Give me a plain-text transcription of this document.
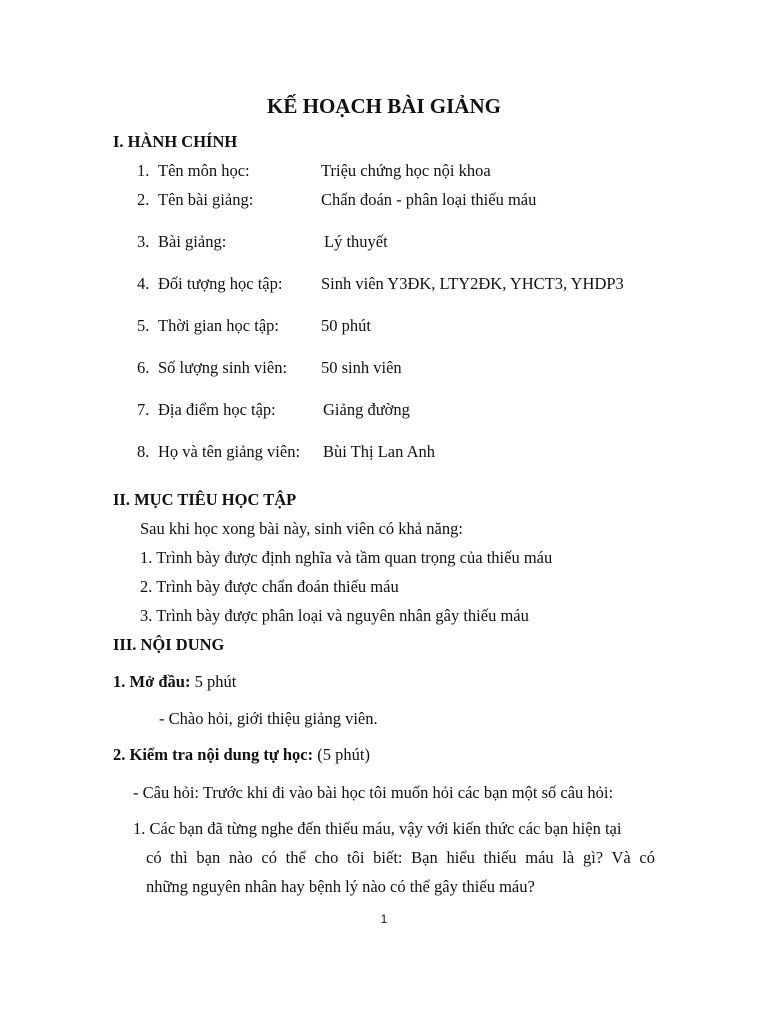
KẾ HOẠCH BÀI GIẢNG
I. HÀNH CHÍNH
1. Tên môn học:	Triệu chứng học nội khoa
2. Tên bài giảng:	Chẩn đoán - phân loại thiếu máu
3. Bài giảng:	Lý thuyết
4. Đối tượng học tập: Sinh viên Y3ĐK, LTY2ĐK, YHCT3, YHDP3
5. Thời gian học tập:	50 phút
6. Số lượng sinh viên: 50 sinh viên
7. Địa điểm học tập:	Giảng đường
8. Họ và tên giảng viên: Bùi Thị Lan Anh
II. MỤC TIÊU HỌC TẬP
Sau khi học xong bài này, sinh viên có khả năng:
1. Trình bày được định nghĩa và tầm quan trọng của thiếu máu
2. Trình bày được chẩn đoán thiếu máu
3. Trình bày được phân loại và nguyên nhân gây thiếu máu
III. NỘI DUNG
1. Mở đầu: 5 phút
- Chào hỏi, giới thiệu giảng viên.
2. Kiểm tra nội dung tự học: (5 phút)
- Câu hỏi: Trước khi đi vào bài học tôi muốn hỏi các bạn một số câu hỏi:
1. Các bạn đã từng nghe đến thiếu máu, vậy với kiến thức các bạn hiện tại
có thì bạn nào có thể cho tôi biết: Bạn hiểu thiếu máu là gì? Và có
những nguyên nhân hay bệnh lý nào có thể gây thiếu máu?
1
